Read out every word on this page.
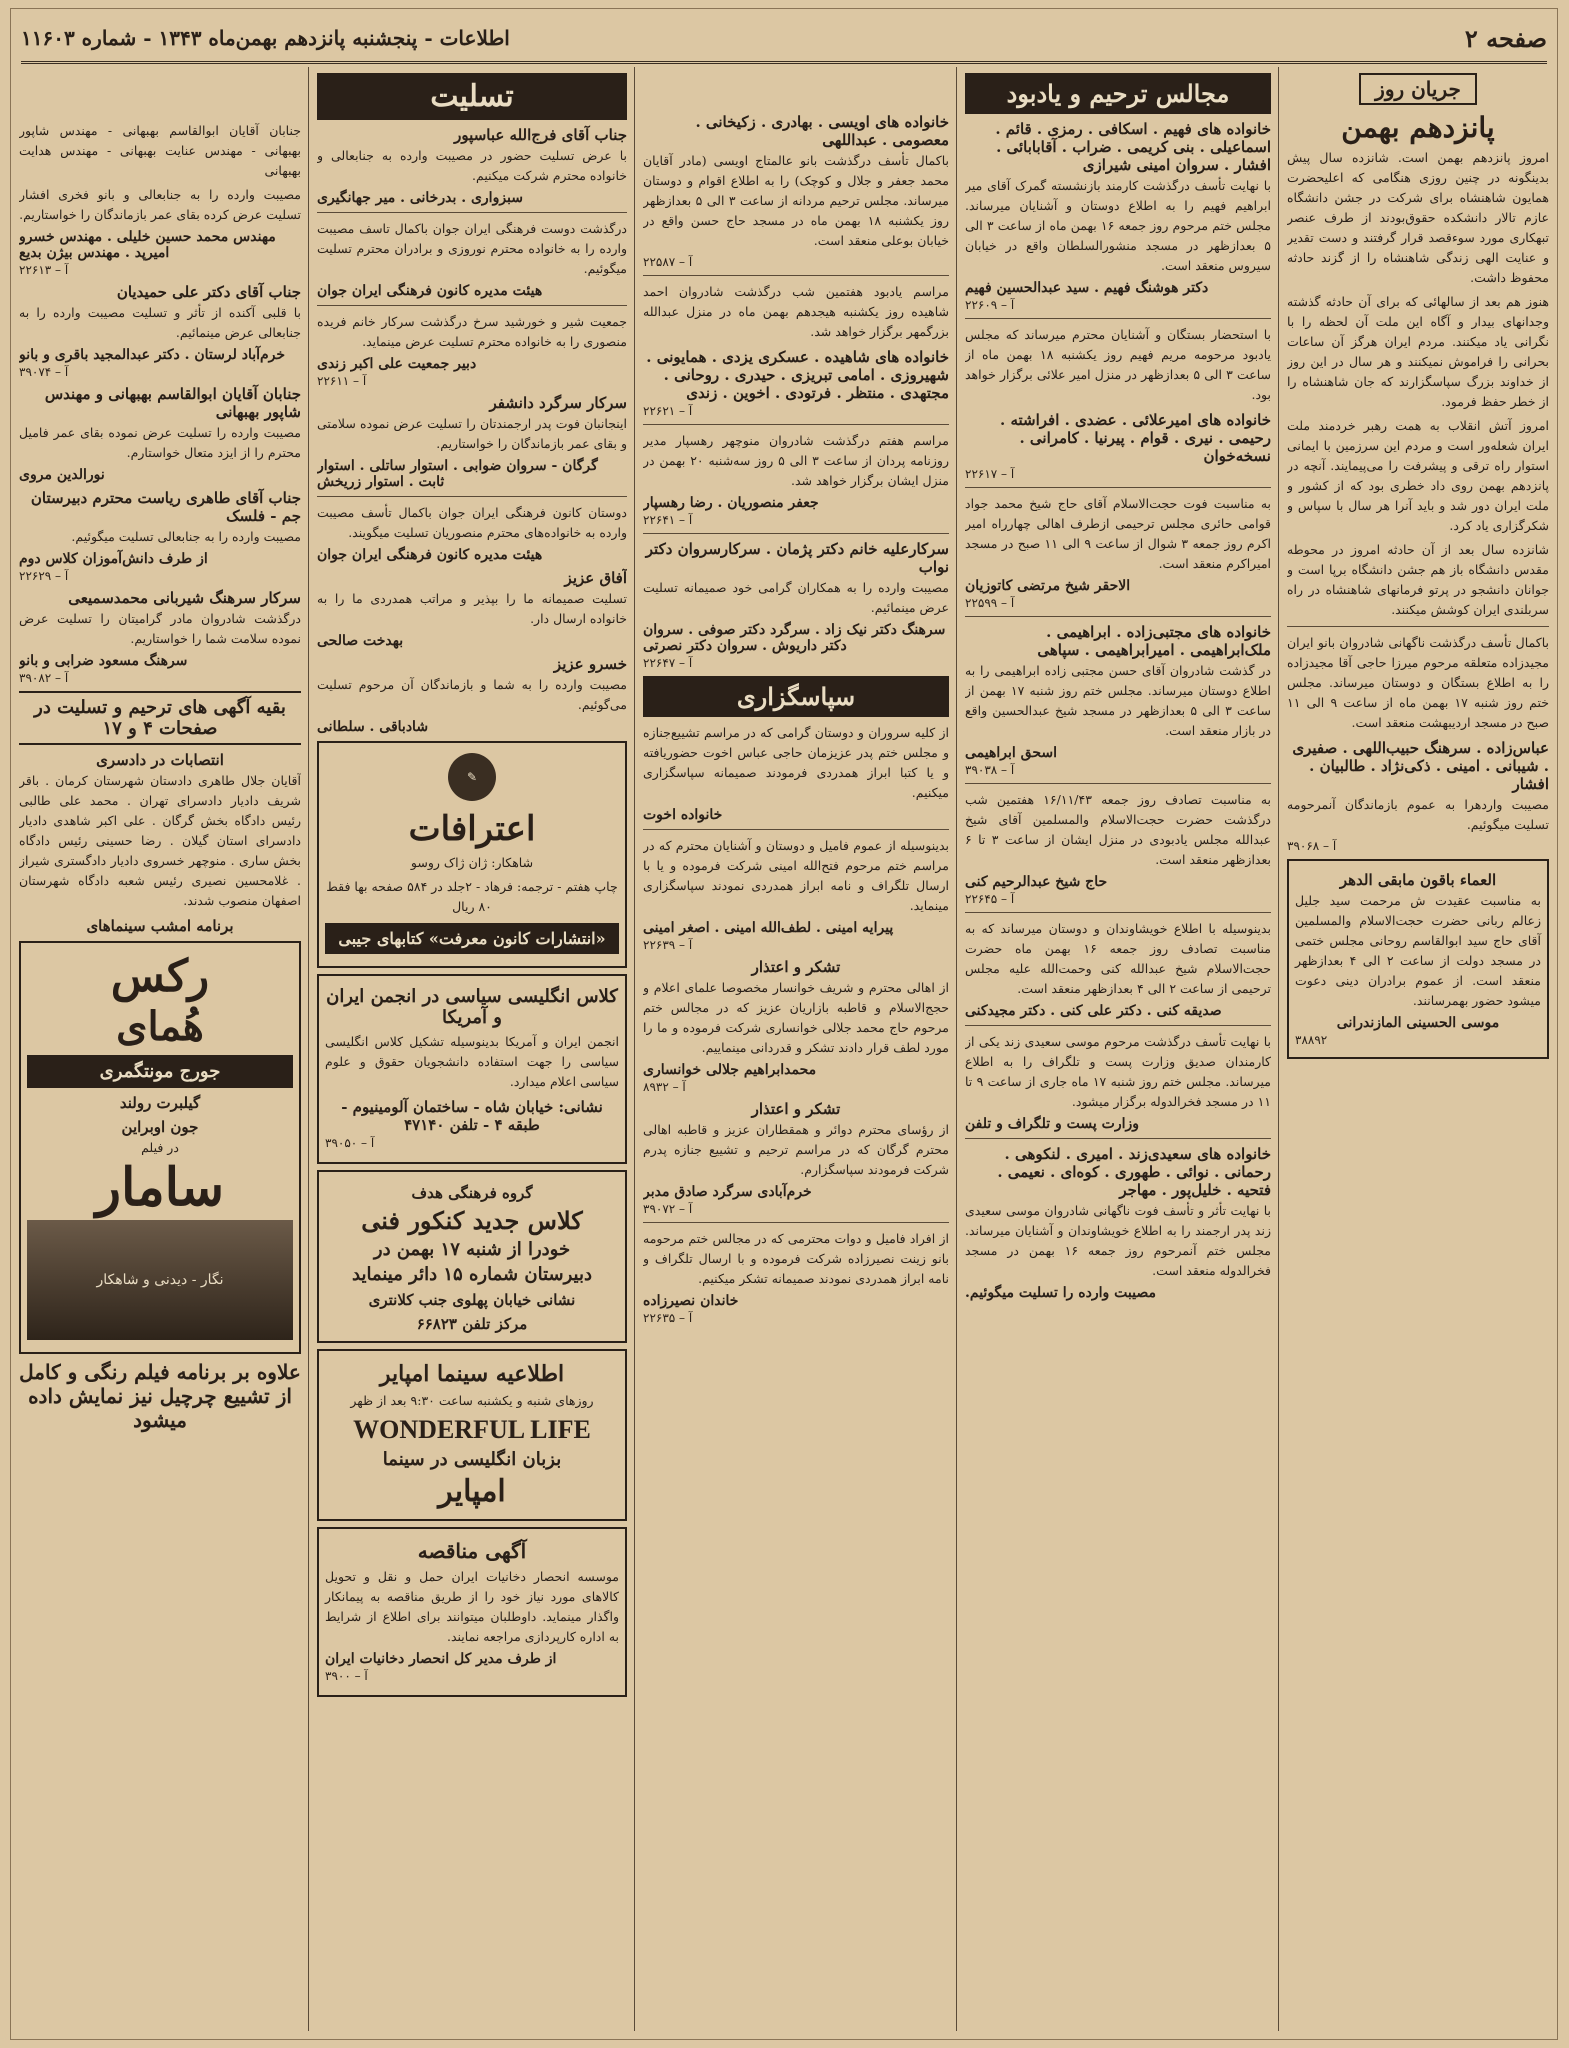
صفحه ۲
اطلاعات - پنجشنبه پانزدهم بهمن‌ماه ۱۳۴۳ - شماره ۱۱۶۰۳
جریان روز
پانزدهم بهمن

امروز پانزدهم بهمن است. شانزده سال پیش بدینگونه در چنین روزی هنگامی که اعلیحضرت همایون شاهنشاه برای شرکت در جشن دانشگاه عازم تالار دانشکده حقوق‌بودند از طرف عنصر تبهکاری مورد سوء‌قصد قرار گرفتند و دست تقدیر و عنایت الهی زندگی شاهنشاه را از گزند حادثه محفوظ داشت.

هنوز هم بعد از سالهائی که برای آن حادثه گذشته وجدانهای بیدار و آگاه این ملت آن لحظه را با نگرانی یاد میکنند. مردم ایران هرگز آن ساعات بحرانی را فراموش نمیکنند و هر سال در این روز از خداوند بزرگ سپاسگزارند که جان شاهنشاه را از خطر حفظ فرمود.

امروز آتش انقلاب به همت رهبر خردمند ملت ایران شعله‌ور است و مردم این سرزمین با ایمانی استوار راه ترقی و پیشرفت را می‌پیمایند. آنچه در پانزدهم بهمن روی داد خطری بود که از کشور و ملت ایران دور شد و باید آنرا هر سال با سپاس و شکرگزاری یاد کرد.

شانزده سال بعد از آن حادثه امروز در محوطه مقدس دانشگاه باز هم جشن دانشگاه برپا است و جوانان دانشجو در پرتو فرمانهای شاهنشاه در راه سربلندی ایران کوشش میکنند.

باکمال تأسف درگذشت ناگهانی شادروان بانو ایران مجیدزاده متعلقه مرحوم میرزا حاجی آقا مجیدزاده را به اطلاع بستگان و دوستان میرساند. مجلس ختم روز شنبه ۱۷ بهمن ماه از ساعت ۹ الی ۱۱ صبح در مسجد اردیبهشت منعقد است.

عباس‌زاده . سرهنگ حبیب‌اللهی . صفیری . شیبانی . امینی . ذکی‌نژاد . طالبیان . افشار

مصیبت واردهرا به عموم بازماندگان آنمرحومه تسلیت میگوئیم.

آ – ۳۹۰۶۸
العماء باقون مابقی الدهر

به مناسبت عقیدت ش مرحمت سید جلیل زعالم ربانی حضرت حجت‌الاسلام والمسلمین آقای حاج سید ابوالقاسم روحانی مجلس ختمی در مسجد دولت از ساعت ۲ الی ۴ بعدازظهر منعقد است. از عموم برادران دینی دعوت میشود حضور بهمرسانند.

موسی الحسینی المازندرانی
۳۸۸۹۲
مجالس ترحیم و یادبود
خانواده های فهیم . اسکافی . رمزی . قائم . اسماعیلی . بنی کریمی . ضراب . آقابابائی . افشار . سروان امینی شیرازی

با نهایت تأسف درگذشت کارمند بازنشسته گمرک آقای میر ابراهیم فهیم را به اطلاع دوستان و آشنایان میرساند. مجلس ختم مرحوم روز جمعه ۱۶ بهمن ماه از ساعت ۳ الی ۵ بعدازظهر در مسجد منشورالسلطان واقع در خیابان سیروس منعقد است.

دکتر هوشنگ فهیم . سید عبدالحسین فهیم
آ – ۲۲۶۰۹

با استحضار بستگان و آشنایان محترم میرساند که مجلس یادبود مرحومه مریم فهیم روز یکشنبه ۱۸ بهمن ماه از ساعت ۳ الی ۵ بعدازظهر در منزل امیر علائی برگزار خواهد بود.

خانواده های امیرعلائی . عضدی . افراشته . رحیمی . نیری . قوام . پیرنیا . کامرانی . نسخه‌خوان
آ – ۲۲۶۱۷

به مناسبت فوت حجت‌الاسلام آقای حاج شیخ محمد جواد قوامی حائری مجلس ترحیمی ازطرف اهالی چهارراه امیر اکرم روز جمعه ۳ شوال از ساعت ۹ الی ۱۱ صبح در مسجد امیراکرم منعقد است.

الاحقر شیخ مرتضی کاتوزیان
آ – ۲۲۵۹۹
خانواده های مجتبی‌زاده . ابراهیمی . ملک‌ابراهیمی . امیرابراهیمی . سپاهی

در گذشت شادروان آقای حسن مجتبی زاده ابراهیمی را به اطلاع دوستان میرساند. مجلس ختم روز شنبه ۱۷ بهمن از ساعت ۳ الی ۵ بعدازظهر در مسجد شیخ عبدالحسین واقع در بازار منعقد است.

اسحق ابراهیمی
آ – ۳۹۰۳۸

به مناسبت تصادف روز جمعه ۱۶/۱۱/۴۳ هفتمین شب درگذشت حضرت حجت‌الاسلام والمسلمین آقای شیخ عبدالله مجلس یادبودی در منزل ایشان از ساعت ۳ تا ۶ بعدازظهر منعقد است.

حاج شیخ عبدالرحیم کنی
آ – ۲۲۶۴۵

بدینوسیله با اطلاع خویشاوندان و دوستان میرساند که به مناسبت تصادف روز جمعه ۱۶ بهمن ماه حضرت حجت‌الاسلام شیخ عبدالله کنی وحمت‌الله علیه مجلس ترحیمی از ساعت ۲ الی ۴ بعدازظهر منعقد است.

صدیقه کنی . دکتر علی کنی . دکتر مجیدکنی

با نهایت تأسف درگذشت مرحوم موسی سعیدی زند یکی از کارمندان صدیق وزارت پست و تلگراف را به اطلاع میرساند. مجلس ختم روز شنبه ۱۷ ماه جاری از ساعت ۹ تا ۱۱ در مسجد فخرالدوله برگزار میشود.

وزارت پست و تلگراف و تلفن
خانواده های سعیدی‌زند . امیری . لنکوهی . رحمانی . نوائی . طهوری . کوه‌ای . نعیمی . فتحیه . خلیل‌پور . مهاجر

با نهایت تأثر و تأسف فوت ناگهانی شادروان موسی سعیدی زند پدر ارجمند را به اطلاع خویشاوندان و آشنایان میرساند. مجلس ختم آنمرحوم روز جمعه ۱۶ بهمن در مسجد فخرالدوله منعقد است.

مصیبت وارده را تسلیت میگوئیم.
خانواده های اویسی . بهادری . زکیخانی . معصومی . عبداللهی

باکمال تأسف درگذشت بانو عالمتاج اویسی (مادر آقایان محمد جعفر و جلال و کوچک) را به اطلاع اقوام و دوستان میرساند. مجلس ترحیم مردانه از ساعت ۳ الی ۵ بعدازظهر روز یکشنبه ۱۸ بهمن ماه در مسجد حاج حسن واقع در خیابان بوعلی منعقد است.

آ – ۲۲۵۸۷

مراسم یادبود هفتمین شب درگذشت شادروان احمد شاهیده روز یکشنبه هیجدهم بهمن ماه در منزل عبدالله بزرگمهر برگزار خواهد شد.

خانواده های شاهیده . عسکری یزدی . همایونی . شهیروزی . امامی تبریزی . حیدری . روحانی . مجتهدی . منتظر . فرتودی . اخوین . زندی
آ – ۲۲۶۲۱

مراسم هفتم درگذشت شادروان منوچهر رهسپار مدیر روزنامه پردان از ساعت ۳ الی ۵ روز سه‌شنبه ۲۰ بهمن در منزل ایشان برگزار خواهد شد.

جعفر منصوریان . رضا رهسپار
آ – ۲۲۶۴۱
سرکارعلیه خانم دکتر پژمان . سرکارسروان دکتر نواب

مصیبت وارده را به همکاران گرامی خود صمیمانه تسلیت عرض مینمائیم.

سرهنگ دکتر نیک زاد . سرگرد دکتر صوفی . سروان دکتر داریوش . سروان دکتر نصرتی
آ – ۲۲۶۴۷
سپاسگزاری

از کلیه سروران و دوستان گرامی که در مراسم تشییع‌جنازه و مجلس ختم پدر عزیزمان حاجی عباس اخوت حضوریافته و یا کتبا ابراز همدردی فرمودند صمیمانه سپاسگزاری میکنیم.

خانواده اخوت

بدینوسیله از عموم فامیل و دوستان و آشنایان محترم که در مراسم ختم مرحوم فتح‌الله امینی شرکت فرموده و یا با ارسال تلگراف و نامه ابراز همدردی نمودند سپاسگزاری مینماید.

پیرایه امینی . لطف‌الله امینی . اصغر امینی
آ – ۲۲۶۳۹
تشکر و اعتذار

از اهالی محترم و شریف خوانسار مخصوصا علمای اعلام و حجج‌الاسلام و قاطبه بازاریان عزیز که در مجالس ختم مرحوم حاج محمد جلالی خوانساری شرکت فرموده و ما را مورد لطف قرار دادند تشکر و قدردانی مینماییم.

محمدابراهیم جلالی خوانساری
آ – ۸۹۳۲
تشکر و اعتذار

از رؤسای محترم دوائر و همقطاران عزیز و قاطبه اهالی محترم گرگان که در مراسم ترحیم و تشییع جنازه پدرم شرکت فرمودند سپاسگزارم.

خرم‌آبادی سرگرد صادق مدبر
آ – ۳۹۰۷۲

از افراد فامیل و دوات محترمی که در مجالس ختم مرحومه بانو زینت نصیرزاده شرکت فرموده و با ارسال تلگراف و نامه ابراز همدردی نمودند صمیمانه تشکر میکنیم.

خاندان نصیرزاده
آ – ۲۲۶۳۵
تسلیت
جناب آقای فرج‌الله عباسپور

با عرض تسلیت حضور در مصیبت وارده به جنابعالی و خانواده محترم شرکت میکنیم.

سبزواری . بدرخانی . میر جهانگیری

درگذشت دوست فرهنگی ایران جوان باکمال تاسف مصیبت وارده را به خانواده محترم نوروزی و برادران محترم تسلیت میگوئیم.

هیئت مدیره کانون فرهنگی ایران جوان

جمعیت شیر و خورشید سرخ درگذشت سرکار خانم فریده منصوری را به خانواده محترم تسلیت عرض مینماید.

دبیر جمعیت علی اکبر زندی
آ – ۲۲۶۱۱
سرکار سرگرد دانشفر

اینجانبان فوت پدر ارجمندتان را تسلیت عرض نموده سلامتی و بقای عمر بازماندگان را خواستاریم.

گرگان - سروان ضوابی . استوار ساتلی . استوار ثابت . استوار زریخش

دوستان کانون فرهنگی ایران جوان باکمال تأسف مصیبت وارده به خانواده‌های محترم منصوریان تسلیت میگویند.

هیئت مدیره کانون فرهنگی ایران جوان
آفاق عزیز

تسلیت صمیمانه ما را بپذیر و مراتب همدردی ما را به خانواده ارسال دار.

بهدخت صالحی
خسرو عزیز

مصیبت وارده را به شما و بازماندگان آن مرحوم تسلیت می‌گوئیم.

شادباقی . سلطانی
✎
اعترافات
شاهکار: ژان ژاک روسو
چاپ هفتم - ترجمه: فرهاد - ۲جلد در ۵۸۴ صفحه بها فقط ۸۰ ریال
«انتشارات کانون معرفت» کتابهای جیبی
کلاس انگلیسی سیاسی در انجمن ایران و آمریکا

انجمن ایران و آمریکا بدینوسیله تشکیل کلاس انگلیسی سیاسی را جهت استفاده دانشجویان حقوق و علوم سیاسی اعلام میدارد.

نشانی: خیابان شاه - ساختمان آلومینیوم - طبقه ۴ - تلفن ۴۷۱۴۰
آ – ۳۹۰۵۰
گروه فرهنگی هدف
کلاس جدید کنکور فنی
خودرا از شنبه ۱۷ بهمن در
دبیرستان شماره ۱۵ دائر مینماید
نشانی خیابان پهلوی جنب کلانتری
مرکز تلفن ۶۶۸۲۳
اطلاعیه سینما امپایر
روزهای شنبه و یکشنبه ساعت ۹:۳۰ بعد از ظهر
WONDERFUL LIFE
بزبان انگلیسی در سینما
امپایر
آگهی مناقصه

موسسه انحصار دخانیات ایران حمل و نقل و تحویل کالاهای مورد نیاز خود را از طریق مناقصه به پیمانکار واگذار مینماید. داوطلبان میتوانند برای اطلاع از شرایط به اداره کارپردازی مراجعه نمایند.

از طرف مدیر کل انحصار دخانیات ایران
آ – ۳۹۰۰

جنابان آقایان ابوالقاسم بهبهانی - مهندس شاپور بهبهانی - مهندس عنایت بهبهانی - مهندس هدایت بهبهانی

مصیبت وارده را به جنابعالی و بانو فخری افشار تسلیت عرض کرده بقای عمر بازماندگان را خواستاریم.

مهندس محمد حسین خلیلی . مهندس خسرو امیرپد . مهندس بیژن بدیع
آ – ۲۲۶۱۳
جناب آقای دکتر علی حمیدیان

با قلبی آکنده از تأثر و تسلیت مصیبت وارده را به جنابعالی عرض مینمائیم.

خرم‌آباد لرستان . دکتر عبدالمجید باقری و بانو
آ – ۳۹۰۷۴
جنابان آقایان ابوالقاسم بهبهانی و مهندس شاپور بهبهانی

مصیبت وارده را تسلیت عرض نموده بقای عمر فامیل محترم را از ایزد متعال خواستارم.

نورالدین مروی
جناب آقای طاهری ریاست محترم دبیرستان جم - فلسک

مصیبت وارده را به جنابعالی تسلیت میگوئیم.

از طرف دانش‌آموزان کلاس دوم
آ – ۲۲۶۲۹
سرکار سرهنگ شیربانی محمدسمیعی

درگذشت شادروان مادر گرامیتان را تسلیت عرض نموده سلامت شما را خواستاریم.

سرهنگ مسعود ضرابی و بانو
آ – ۳۹۰۸۲
بقیه آگهی های ترحیم و تسلیت در صفحات ۴ و ۱۷
انتصابات در دادسری

آقایان جلال طاهری دادستان شهرستان کرمان . باقر شریف دادیار دادسرای تهران . محمد علی طالبی رئیس دادگاه بخش گرگان . علی اکبر شاهدی دادیار دادسرای استان گیلان . رضا حسینی رئیس دادگاه بخش ساری . منوچهر خسروی دادیار دادگستری شیراز . غلامحسین نصیری رئیس شعبه دادگاه شهرستان اصفهان منصوب شدند.

برنامه امشب سینماهای
رکس
هُمای
جورج مونتگمری
گیلبرت رولند
جون اوبراین
در فیلم
سامار
نگار - دیدنی و شاهکار
علاوه بر برنامه فیلم رنگی و کامل از تشییع چرچیل نیز نمایش داده میشود
